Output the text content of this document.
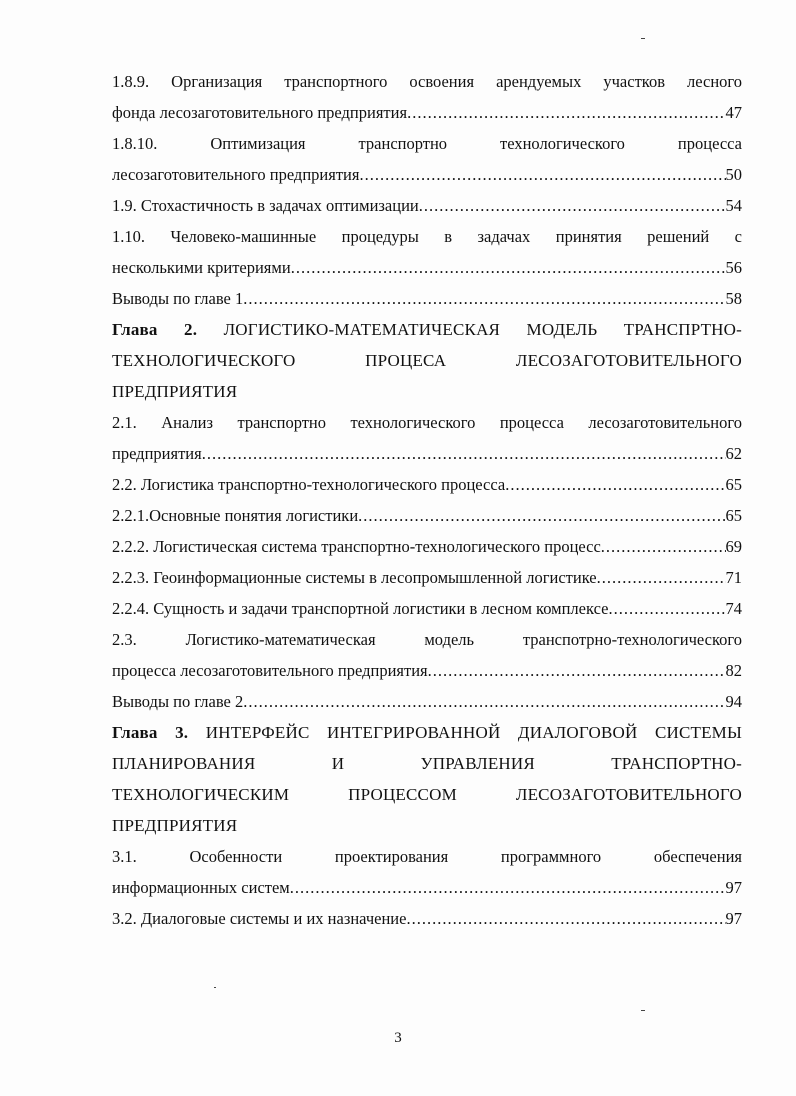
1.8.9. Организация транспортного освоения арендуемых участков лесного
фонда лесозаготовительного предприятия .....	47
1.8.10. Оптимизация транспортно технологического процесса
лесозаготовительного предприятия .....	50
1.9. Стохастичность в задачах оптимизации .....	54
1.10. Человеко-машинные процедуры в задачах принятия решений с
несколькими критериями .....	56
Выводы по главе 1 .....	58
Глава 2. ЛОГИСТИКО-МАТЕМАТИЧЕСКАЯ МОДЕЛЬ ТРАНСПРТНО-
ТЕХНОЛОГИЧЕСКОГО ПРОЦЕСА ЛЕСОЗАГОТОВИТЕЛЬНОГО
ПРЕДПРИЯТИЯ
2.1. Анализ транспортно технологического процесса лесозаготовительного
предприятия .....	62
2.2. Логистика транспортно-технологического процесса .....	65
2.2.1.Основные понятия логистики .....	65
2.2.2. Логистическая система транспортно-технологического процесс .....	69
2.2.3. Геоинформационные системы в лесопромышленной логистике .....	71
2.2.4. Сущность и задачи транспортной логистики в лесном комплексе .....	74
2.3. Логистико-математическая модель транспотрно-технологического
процесса лесозаготовительного предприятия .....	82
Выводы по главе 2 .....	94
Глава 3. ИНТЕРФЕЙС ИНТЕГРИРОВАННОЙ ДИАЛОГОВОЙ СИСТЕМЫ
ПЛАНИРОВАНИЯ И УПРАВЛЕНИЯ ТРАНСПОРТНО-
ТЕХНОЛОГИЧЕСКИМ ПРОЦЕССОМ ЛЕСОЗАГОТОВИТЕЛЬНОГО
ПРЕДПРИЯТИЯ
3.1. Особенности проектирования программного обеспечения
информационных систем .....	97
3.2. Диалоговые системы и их назначение .....	97
3
